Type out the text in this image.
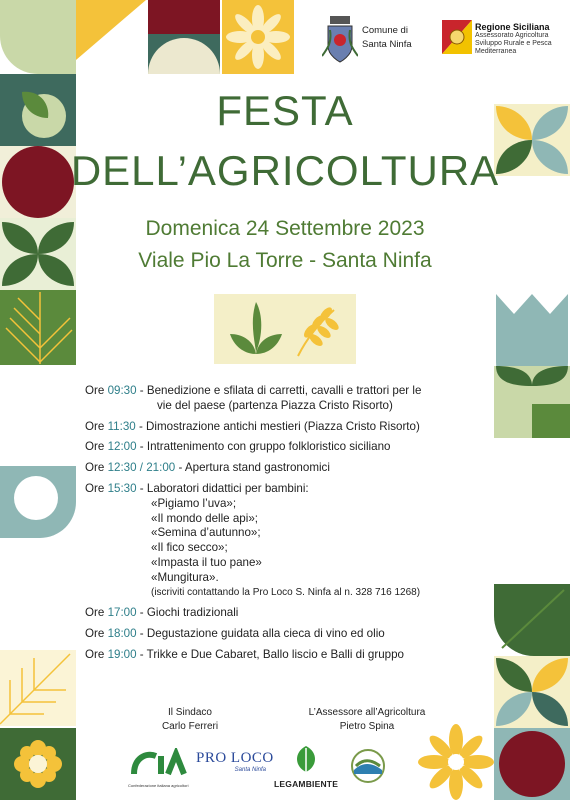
Comune di
Santa Ninfa
Regione Siciliana
Assessorato Agricoltura
Sviluppo Rurale e Pesca
Mediterranea
FESTA
DELL’AGRICOLTURA
Domenica 24 Settembre 2023
Viale Pio La Torre - Santa Ninfa
Ore 09:30 - Benedizione e sfilata di carretti, cavalli e trattori per le
vie del paese (partenza Piazza Cristo Risorto)
Ore 11:30 - Dimostrazione antichi mestieri (Piazza Cristo Risorto)
Ore 12:00 - Intrattenimento con gruppo folkloristico siciliano
Ore 12:30 / 21:00 - Apertura stand gastronomici
Ore 15:30 - Laboratori didattici per bambini:
«Pigiamo l’uva»;
«Il mondo delle api»;
«Semina d’autunno»;
«Il fico secco»;
«Impasta il tuo pane»
«Mungitura».
(iscriviti contattando la Pro Loco S. Ninfa al n. 328 716 1268)
Ore 17:00 - Giochi tradizionali
Ore 18:00 - Degustazione guidata alla cieca di vino ed olio
Ore 19:00 - Trikke e Due Cabaret, Ballo liscio e Balli di gruppo
Il Sindaco
Carlo Ferreri
L’Assessore all’Agricoltura
Pietro Spina
Confederazione italiana agricoltori
PRO LOCO
Santa Ninfa
LEGAMBIENTE
